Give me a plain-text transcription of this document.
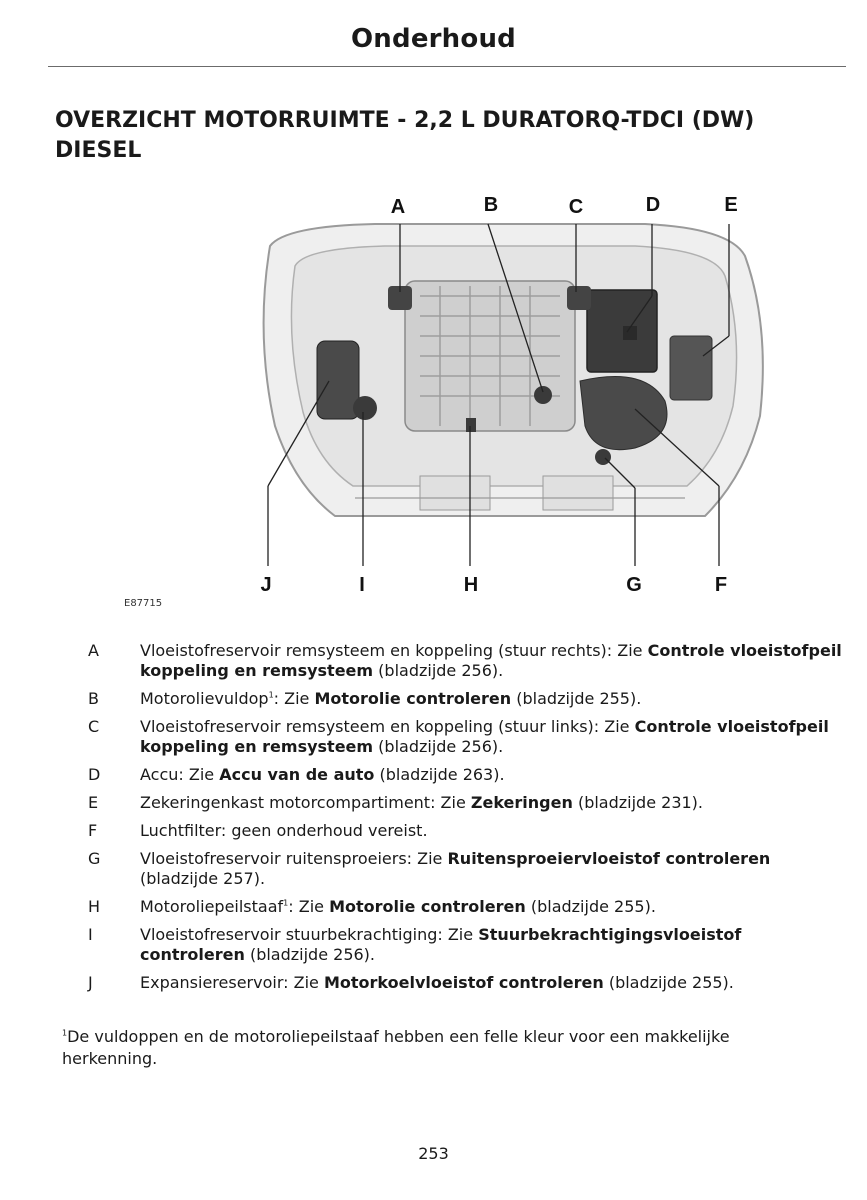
Onderhoud
OVERZICHT MOTORRUIMTE - 2,2 L DURATORQ-TDCI (DW) DIESEL
A	B	C	D	E
J	I	H	G	F
E87715
A	Vloeistofreservoir remsysteem en koppeling (stuur rechts): Zie Controle vloeistofpeil koppeling en remsysteem (bladzijde 256).
B	Motorolievuldop$^1$: Zie Motorolie controleren (bladzijde 255).
C	Vloeistofreservoir remsysteem en koppeling (stuur links): Zie Controle vloeistofpeil koppeling en remsysteem (bladzijde 256).
D	Accu: Zie Accu van de auto (bladzijde 263).
E	Zekeringenkast motorcompartiment: Zie Zekeringen (bladzijde 231).
F	Luchtfilter: geen onderhoud vereist.
G	Vloeistofreservoir ruitensproeiers: Zie Ruitensproeiervloeistof controleren (bladzijde 257).
H	Motoroliepeilstaaf$^1$: Zie Motorolie controleren (bladzijde 255).
I	Vloeistofreservoir stuurbekrachtiging: Zie Stuurbekrachtigingsvloeistof controleren (bladzijde 256).
J	Expansiereservoir: Zie Motorkoelvloeistof controleren (bladzijde 255).
$^1$De vuldoppen en de motoroliepeilstaaf hebben een felle kleur voor een makkelijke herkenning.
253
